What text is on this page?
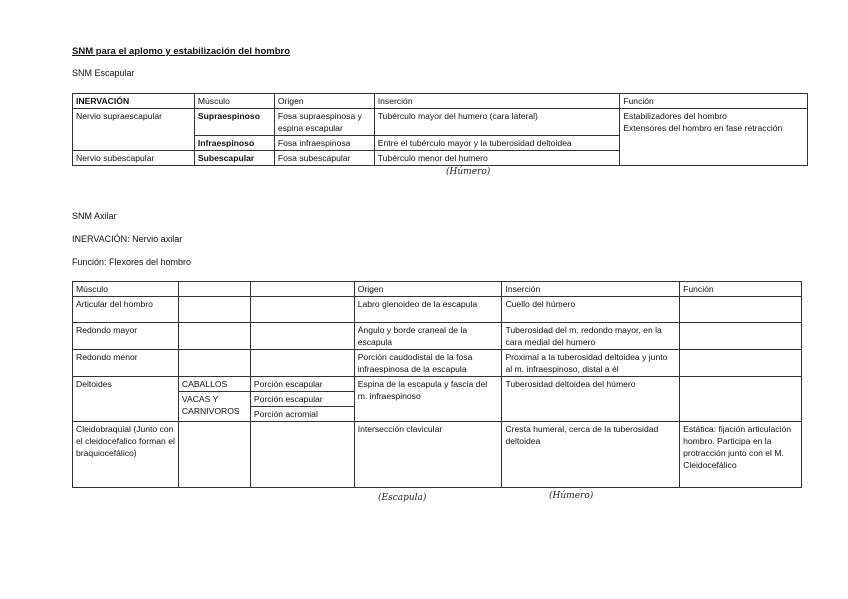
SNM para el aplomo y estabilización del hombro
SNM Escapular
INERVACIÓN	Músculo	Origen	Inserción	Función
Nervio supraescapular	Supraespinoso	Fosa supraespinosa y espina escapular	Tubérculo mayor del humero (cara lateral)	Estabilizadores del hombro
Extensores del hombro en fase retracción

	Infraespinoso	Fosa infraespinosa	Entre el tubérculo mayor y la tuberosidad deltoidea	
Nervio subescapular	Subescapular	Fosa subescapular	Tubérculo menor del humero	
(Húmero)
SNM Axilar
INERVACIÓN: Nervio axilar
Función: Flexores del hombro
Músculo			Origen	Inserción	Función
Articular del hombro			Labro glenoideo de la escapula	Cuello del húmero	
Redondo mayor			Ángulo y borde craneal de la escapula	Tuberosidad del m. redondo mayor, en la cara medial del humero	
Redondo menor			Porción caudodistal de la fosa infraespinosa de la escapula	Proximal a la tuberosidad deltoidea y junto al m. infraespinoso, distal a él	
Deltoides	CABALLOS	Porción escapular	Espina de la escapula y fascia del m. infraespinoso	Tuberosidad deltoidea del húmero	
	VACAS Y CARNIVOROS	Porción escapular			
		Porción acromial			
Cleidobraquial (Junto con el cleidocefalico forman el braquiocefálico)			Intersección clavicular	Cresta humeral, cerca de la tuberosidad deltoidea	Estática: fijación articulación hombro. Participa en la protracción junto con el M. Cleidocefálico
(Escapula)	(Húmero)
